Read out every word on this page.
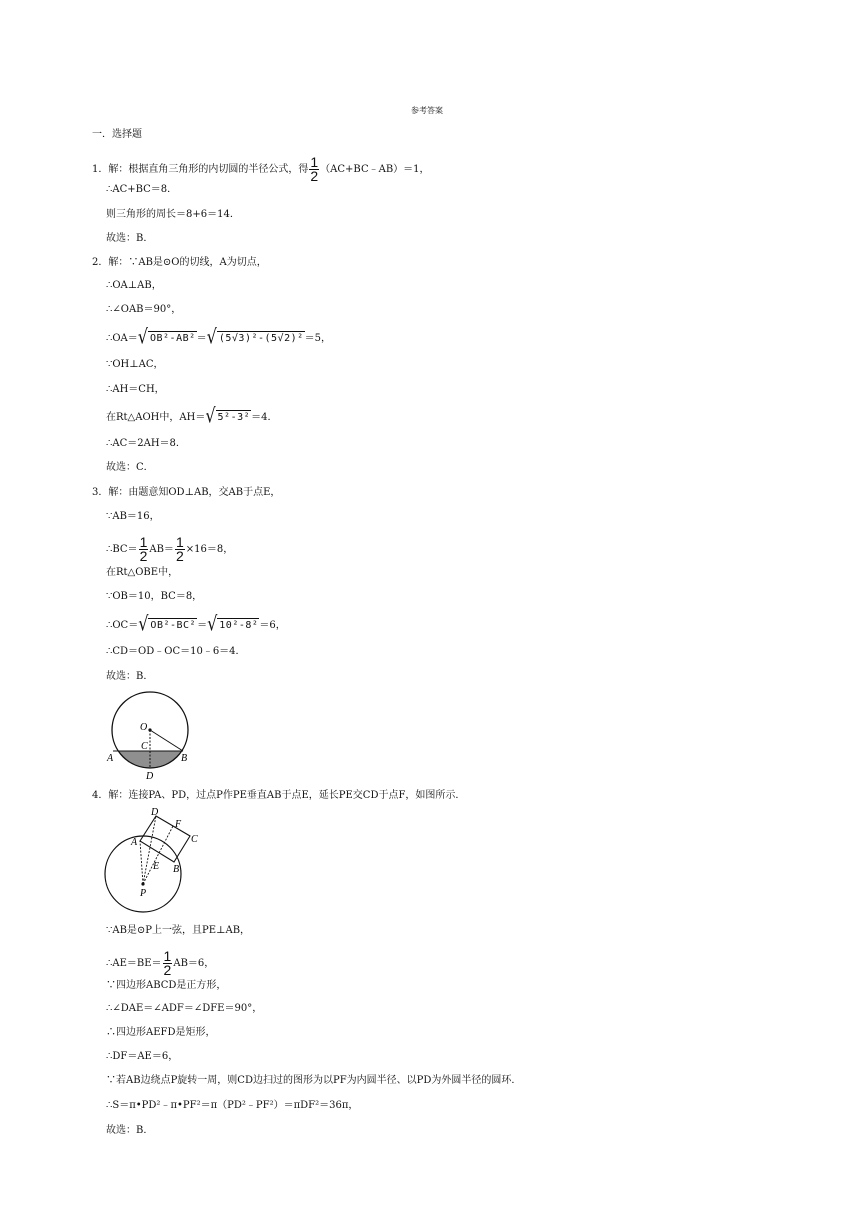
参考答案
一．选择题
1．解：根据直角三角形的内切圆的半径公式，得 $\frac{1}{2}$ （AC+BC﹣AB）＝1，
∴AC+BC＝8．
则三角形的周长＝8+6＝14．
故选：B．
2．解：∵AB是⊙O的切线，A为切点，
∴OA⊥AB，
∴∠OAB＝90°，
∴OA＝√ OB²-AB²＝√ (5√3)²-(5√2)²＝5，
∵OH⊥AC，
∴AH＝CH，
在Rt△AOH中，AH＝√ 5²-3²＝4．
∴AC＝2AH＝8．
故选：C．
3．解：由题意知OD⊥AB，交AB于点E，
∵AB＝16，
∴BC＝ $\frac{1}{2} AB= \frac{1}{2} \times 16=8$，
在Rt△OBE中，
∵OB＝10，BC＝8，
∴OC＝√ OB²-BC²＝√ 10²-8²＝6，
∴CD＝OD﹣OC＝10﹣6＝4．
故选：B．
O
C
A	B
D
4．解：连接PA、PD，过点P作PE垂直AB于点E，延长PE交CD于点F，如图所示．
D
F
C
A
E B
P
∵AB是⊙P上一弦，且PE⊥AB，
∴AE＝BE＝ $\frac{1}{2} AB=6$，
∵四边形ABCD是正方形，
∴∠DAE＝∠ADF＝∠DFE＝90°，
∴四边形AEFD是矩形，
∴DF＝AE＝6，
∵若AB边绕点P旋转一周，则CD边扫过的图形为以PF为内圆半径、以PD为外圆半径的圆环．
∴S＝π•PD²﹣π•PF²＝π（PD²﹣PF²）＝πDF²＝36π，
故选：B．
